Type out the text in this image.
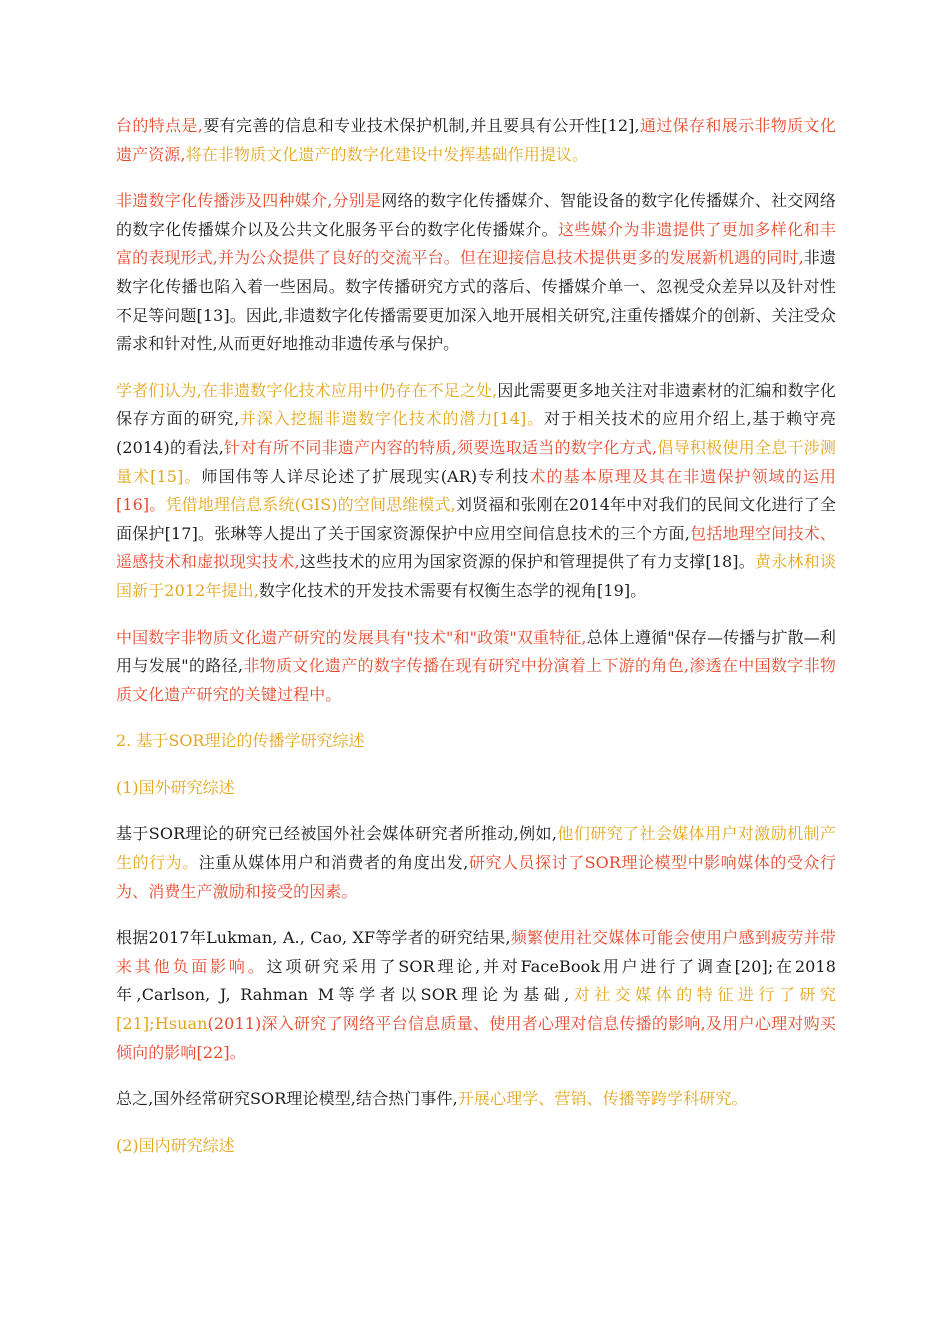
台的特点是,要有完善的信息和专业技术保护机制,并且要具有公开性[12],通过保存和展示非物质文化遗产资源,将在非物质文化遗产的数字化建设中发挥基础作用提议。

非遗数字化传播涉及四种媒介,分别是网络的数字化传播媒介、智能设备的数字化传播媒介、社交网络的数字化传播媒介以及公共文化服务平台的数字化传播媒介。这些媒介为非遗提供了更加多样化和丰富的表现形式,并为公众提供了良好的交流平台。但在迎接信息技术提供更多的发展新机遇的同时,非遗数字化传播也陷入着一些困局。数字传播研究方式的落后、传播媒介单一、忽视受众差异以及针对性不足等问题[13]。因此,非遗数字化传播需要更加深入地开展相关研究,注重传播媒介的创新、关注受众需求和针对性,从而更好地推动非遗传承与保护。

学者们认为,在非遗数字化技术应用中仍存在不足之处,因此需要更多地关注对非遗素材的汇编和数字化保存方面的研究,并深入挖掘非遗数字化技术的潜力[14]。对于相关技术的应用介绍上,基于赖守亮(2014)的看法,针对有所不同非遗产内容的特质,须要选取适当的数字化方式,倡导积极使用全息干涉测量术[15]。师国伟等人详尽论述了扩展现实(AR)专利技术的基本原理及其在非遗保护领域的运用[16]。凭借地理信息系统(GIS)的空间思维模式,刘贤福和张刚在2014年中对我们的民间文化进行了全面保护[17]。张琳等人提出了关于国家资源保护中应用空间信息技术的三个方面,包括地理空间技术、遥感技术和虚拟现实技术,这些技术的应用为国家资源的保护和管理提供了有力支撑[18]。黄永林和谈国新于2012年提出,数字化技术的开发技术需要有权衡生态学的视角[19]。

中国数字非物质文化遗产研究的发展具有"技术"和"政策"双重特征,总体上遵循"保存—传播与扩散—利用与发展"的路径,非物质文化遗产的数字传播在现有研究中扮演着上下游的角色,渗透在中国数字非物质文化遗产研究的关键过程中。

2. 基于SOR理论的传播学研究综述

(1)国外研究综述

基于SOR理论的研究已经被国外社会媒体研究者所推动,例如,他们研究了社会媒体用户对激励机制产生的行为。注重从媒体用户和消费者的角度出发,研究人员探讨了SOR理论模型中影响媒体的受众行为、消费生产激励和接受的因素。

根据2017年Lukman, A., Cao, XF等学者的研究结果,频繁使用社交媒体可能会使用户感到疲劳并带来其他负面影响。这项研究采用了SOR理论,并对FaceBook用户进行了调查[20];在2018年,Carlson, J, Rahman M等学者以SOR理论为基础,对社交媒体的特征进行了研究[21];Hsuan(2011)深入研究了网络平台信息质量、使用者心理对信息传播的影响,及用户心理对购买倾向的影响[22]。

总之,国外经常研究SOR理论模型,结合热门事件,开展心理学、营销、传播等跨学科研究。

(2)国内研究综述
